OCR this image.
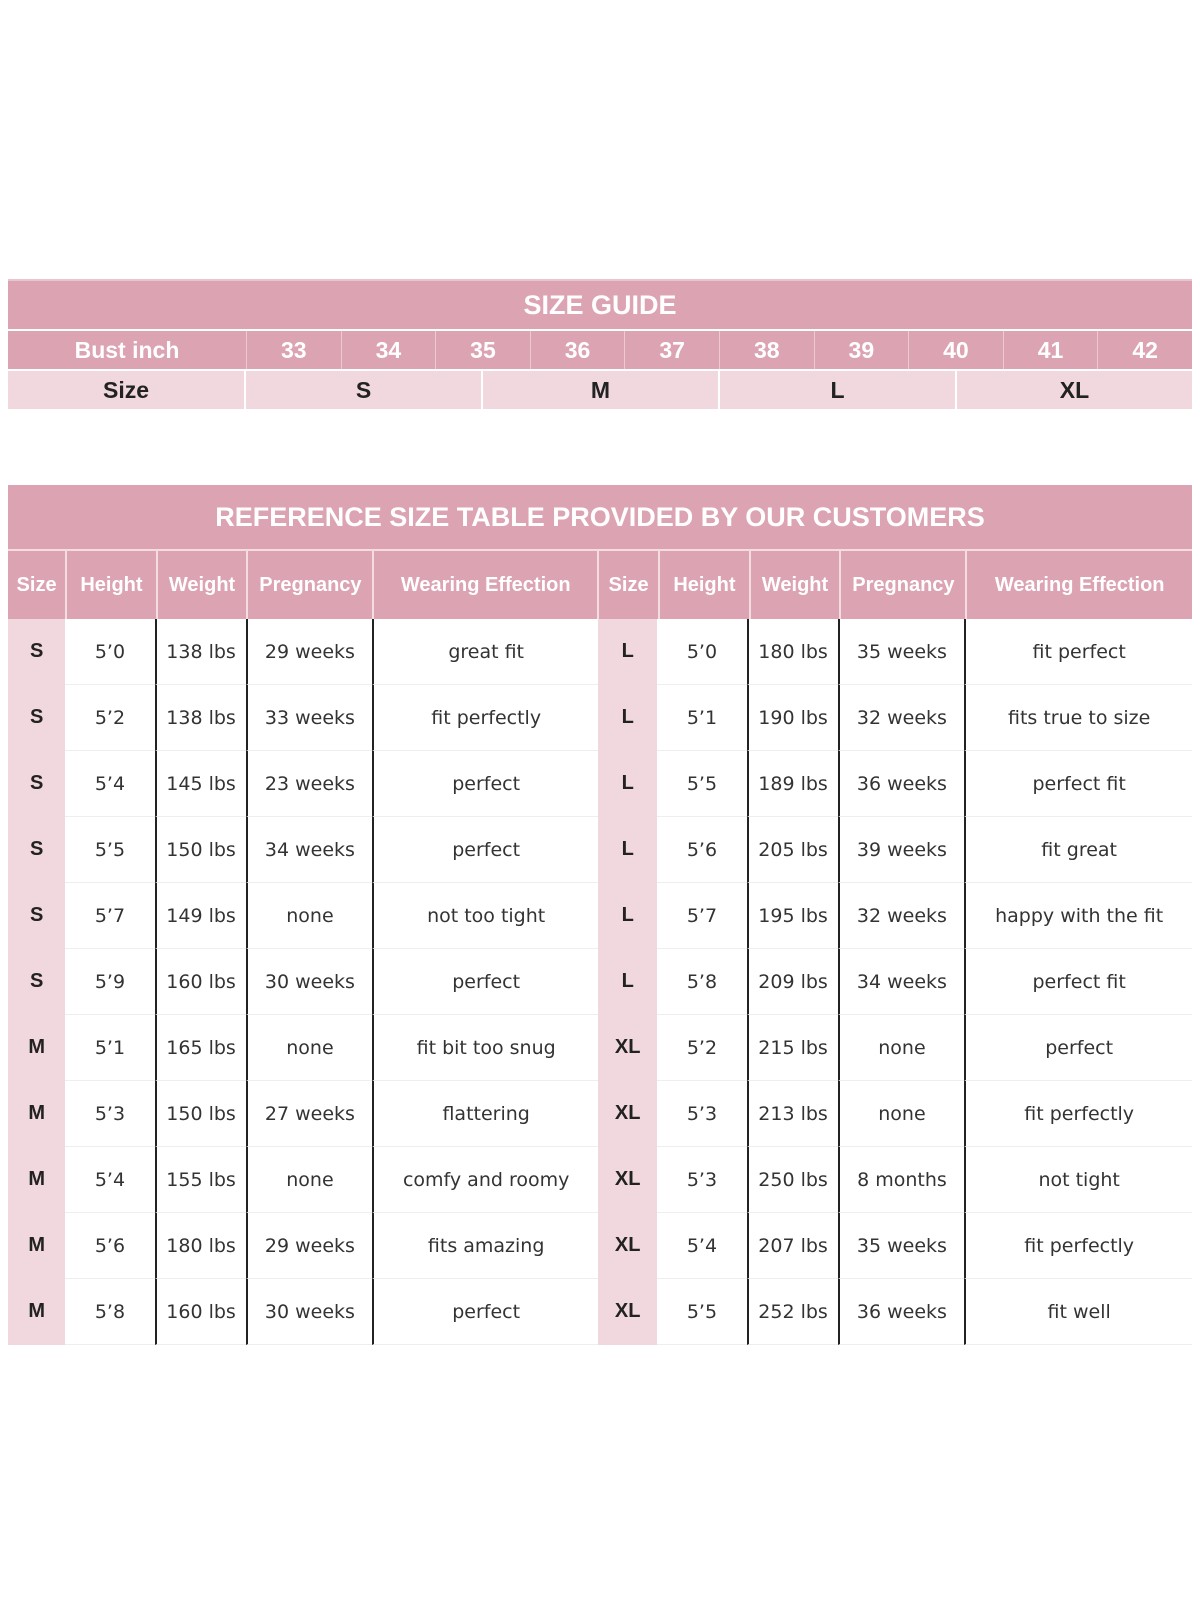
SIZE GUIDE
Bust inch	33	34	35	36	37	38	39	40	41	42
Size	S	M	L	XL
REFERENCE SIZE TABLE PROVIDED BY OUR CUSTOMERS
Size	Height	Weight	Pregnancy	Wearing Effection	Size	Height	Weight	Pregnancy	Wearing Effection
S	5’0	138 lbs	29 weeks	great fit	L	5’0	180 lbs	35 weeks	fit perfect
S	5’2	138 lbs	33 weeks	fit perfectly	L	5’1	190 lbs	32 weeks	fits true to size
S	5’4	145 lbs	23 weeks	perfect	L	5’5	189 lbs	36 weeks	perfect fit
S	5’5	150 lbs	34 weeks	perfect	L	5’6	205 lbs	39 weeks	fit great
S	5’7	149 lbs	none	not too tight	L	5’7	195 lbs	32 weeks	happy with the fit
S	5’9	160 lbs	30 weeks	perfect	L	5’8	209 lbs	34 weeks	perfect fit
M	5’1	165 lbs	none	fit bit too snug	XL	5’2	215 lbs	none	perfect
M	5’3	150 lbs	27 weeks	flattering	XL	5’3	213 lbs	none	fit perfectly
M	5’4	155 lbs	none	comfy and roomy	XL	5’3	250 lbs	8 months	not tight
M	5’6	180 lbs	29 weeks	fits amazing	XL	5’4	207 lbs	35 weeks	fit perfectly
M	5’8	160 lbs	30 weeks	perfect	XL	5’5	252 lbs	36 weeks	fit well
